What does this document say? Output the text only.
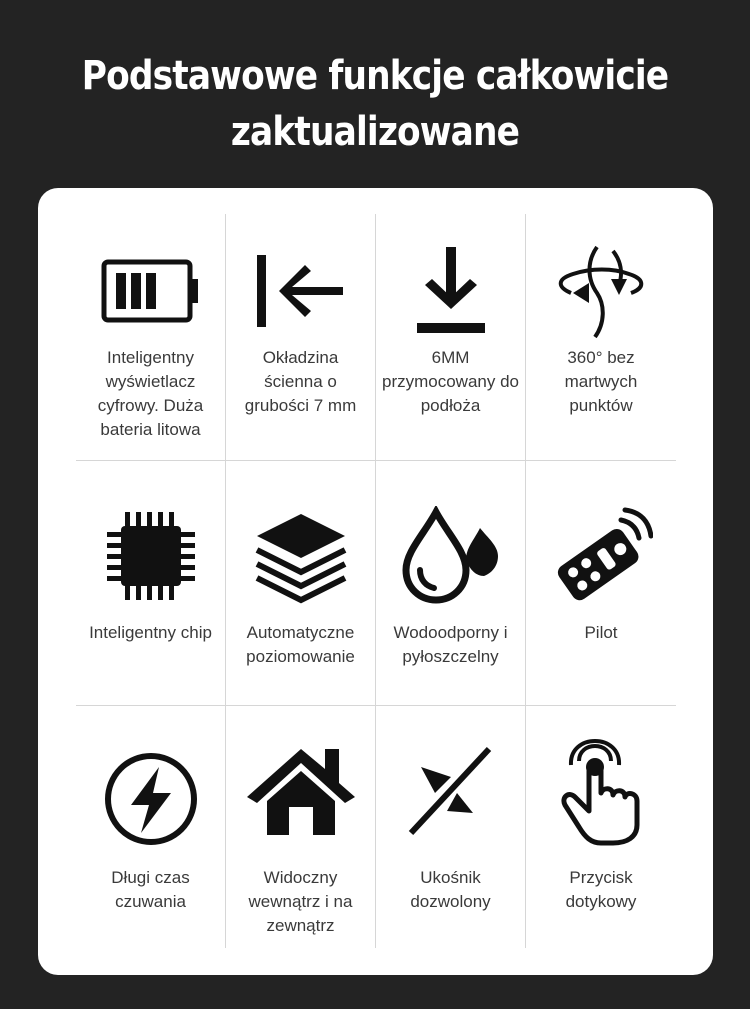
Podstawowe funkcje całkowicie
zaktualizowane
Inteligentny wyświetlacz cyfrowy. Duża bateria litowa
Okładzina ścienna o grubości 7 mm
6MM przymocowany do podłoża
360° bez martwych punktów
Inteligentny chip	Automatyczne poziomowanie
Wodoodporny i pyłoszczelny
Pilot
Długi czas czuwania
Widoczny wewnątrz i na zewnątrz
Ukośnik dozwolony
Przycisk dotykowy
